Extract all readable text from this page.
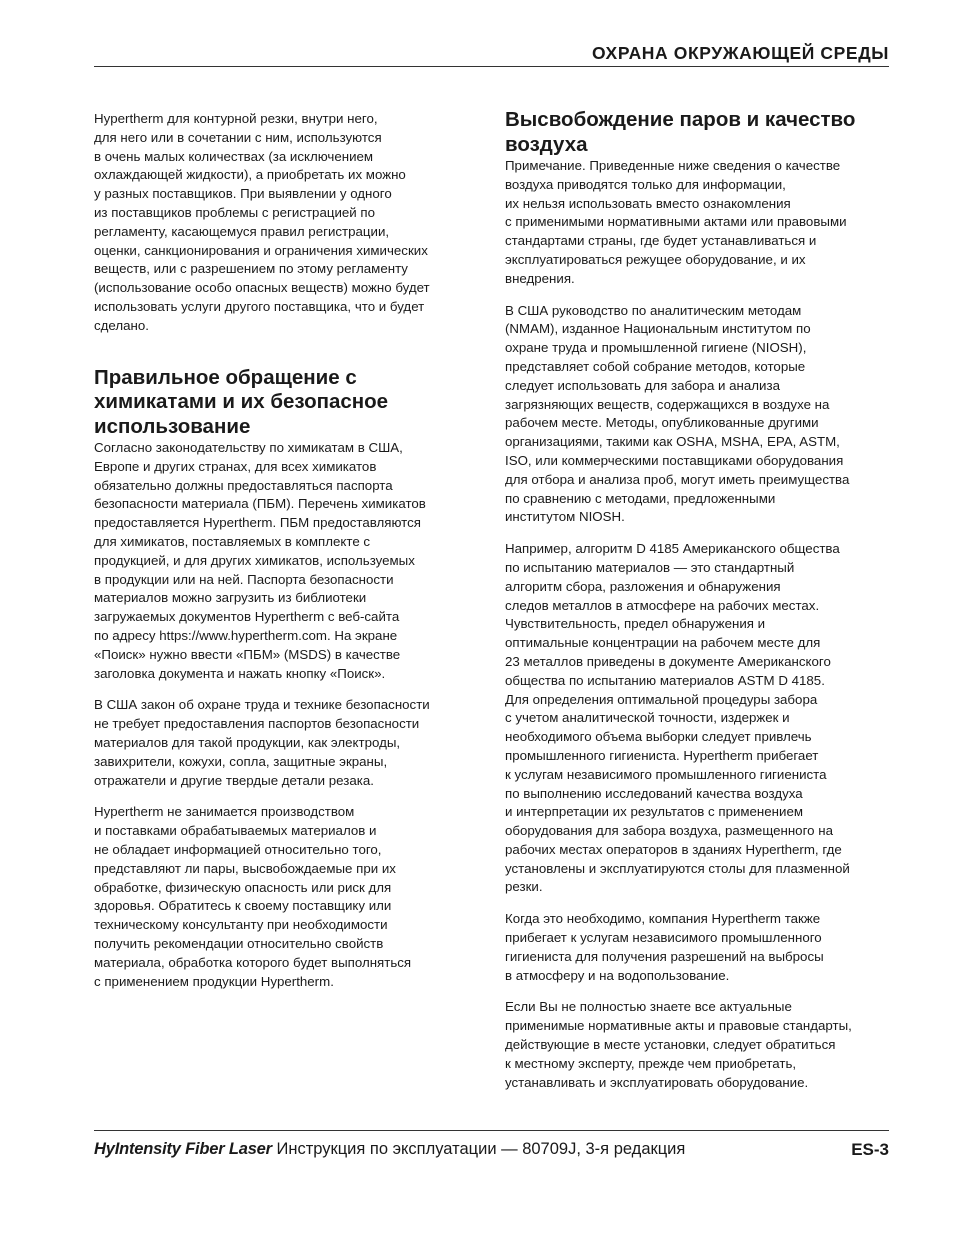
ОХРАНА ОКРУЖАЮЩЕЙ СРЕДЫ

Hypertherm для контурной резки, внутри него,
для него или в сочетании с ним, используются
в очень малых количествах (за исключением
охлаждающей жидкости), а приобретать их можно
у разных поставщиков. При выявлении у одного
из поставщиков проблемы с регистрацией по
регламенту, касающемуся правил регистрации,
оценки, санкционирования и ограничения химических
веществ, или с разрешением по этому регламенту
(использование особо опасных веществ) можно будет
использовать услуги другого поставщика, что и будет
сделано.

Правильное обращение с
химикатами и их безопасное
использование

Согласно законодательству по химикатам в США,
Европе и других странах, для всех химикатов
обязательно должны предоставляться паспорта
безопасности материала (ПБМ). Перечень химикатов
предоставляется Hypertherm. ПБМ предоставляются
для химикатов, поставляемых в комплекте с
продукцией, и для других химикатов, используемых
в продукции или на ней. Паспорта безопасности
материалов можно загрузить из библиотеки
загружаемых документов Hypertherm с веб-сайта
по адресу https://www.hypertherm.com. На экране
«Поиск» нужно ввести «ПБМ» (MSDS) в качестве
заголовка документа и нажать кнопку «Поиск».

В США закон об охране труда и технике безопасности
не требует предоставления паспортов безопасности
материалов для такой продукции, как электроды,
завихрители, кожухи, сопла, защитные экраны,
отражатели и другие твердые детали резака.

Hypertherm не занимается производством
и поставками обрабатываемых материалов и
не обладает информацией относительно того,
представляют ли пары, высвобождаемые при их
обработке, физическую опасность или риск для
здоровья. Обратитесь к своему поставщику или
техническому консультанту при необходимости
получить рекомендации относительно свойств
материала, обработка которого будет выполняться
с применением продукции Hypertherm.

Высвобождение паров и качество
воздуха

Примечание. Приведенные ниже сведения о качестве
воздуха приводятся только для информации,
их нельзя использовать вместо ознакомления
с применимыми нормативными актами или правовыми
стандартами страны, где будет устанавливаться и
эксплуатироваться режущее оборудование, и их
внедрения.

В США руководство по аналитическим методам
(NMAM), изданное Национальным институтом по
охране труда и промышленной гигиене (NIOSH),
представляет собой собрание методов, которые
следует использовать для забора и анализа
загрязняющих веществ, содержащихся в воздухе на
рабочем месте. Методы, опубликованные другими
организациями, такими как OSHA, MSHA, EPA, ASTM,
ISO, или коммерческими поставщиками оборудования
для отбора и анализа проб, могут иметь преимущества
по сравнению с методами, предложенными
институтом NIOSH.

Например, алгоритм D 4185 Американского общества
по испытанию материалов — это стандартный
алгоритм сбора, разложения и обнаружения
следов металлов в атмосфере на рабочих местах.
Чувствительность, предел обнаружения и
оптимальные концентрации на рабочем месте для
23 металлов приведены в документе Американского
общества по испытанию материалов ASTM D 4185.
Для определения оптимальной процедуры забора
с учетом аналитической точности, издержек и
необходимого объема выборки следует привлечь
промышленного гигиениста. Hypertherm прибегает
к услугам независимого промышленного гигиениста
по выполнению исследований качества воздуха
и интерпретации их результатов с применением
оборудования для забора воздуха, размещенного на
рабочих местах операторов в зданиях Hypertherm, где
установлены и эксплуатируются столы для плазменной
резки.

Когда это необходимо, компания Hypertherm также
прибегает к услугам независимого промышленного
гигиениста для получения разрешений на выбросы
в атмосферу и на водопользование.

Если Вы не полностью знаете все актуальные
применимые нормативные акты и правовые стандарты,
действующие в месте установки, следует обратиться
к местному эксперту, прежде чем приобретать,
устанавливать и эксплуатировать оборудование.

HyIntensity Fiber Laser Инструкция по эксплуатации — 80709J, 3-я редакция	ES-3
